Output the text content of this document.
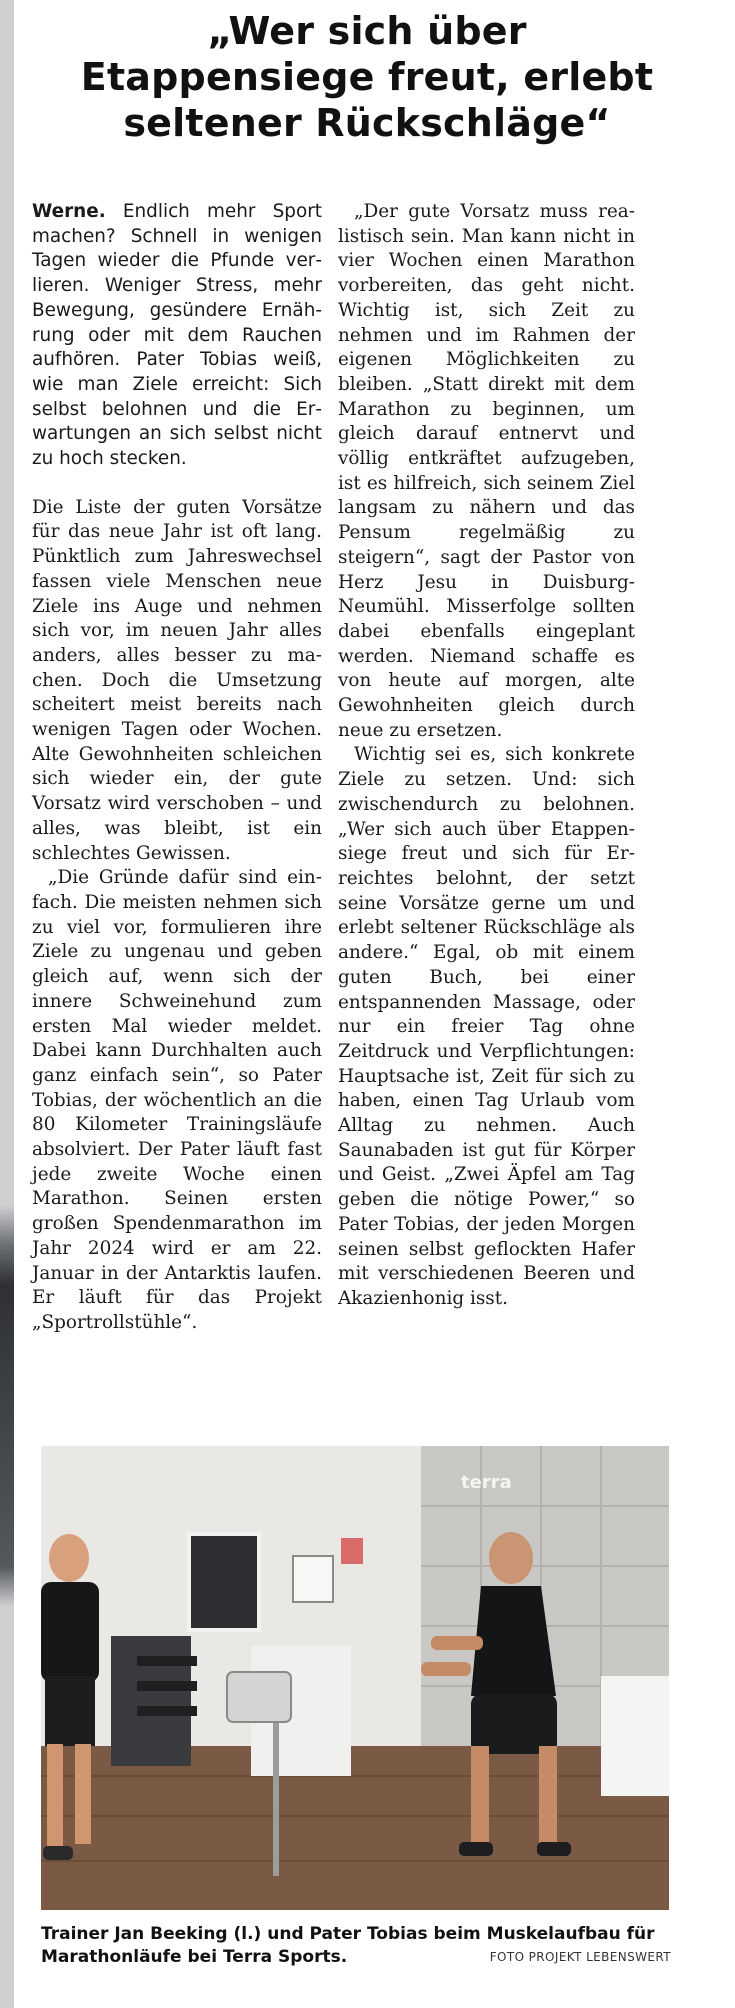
„Wer sich über
Etappensiege freut, erlebt
seltener Rückschläge“

Werne. Endlich mehr Sport machen? Schnell in wenigen Tagen wieder die Pfunde verlieren. Weniger Stress, mehr Bewegung, gesündere Ernährung oder mit dem Rauchen aufhören. Pater Tobias weiß, wie man Ziele erreicht: Sich selbst belohnen und die Erwartungen an sich selbst nicht zu hoch stecken.

Die Liste der guten Vorsätze für das neue Jahr ist oft lang. Pünktlich zum Jahreswechsel fassen viele Menschen neue Ziele ins Auge und nehmen sich vor, im neuen Jahr alles anders, alles besser zu machen. Doch die Umsetzung scheitert meist bereits nach wenigen Tagen oder Wochen. Alte Gewohnheiten schleichen sich wieder ein, der gute Vorsatz wird verschoben – und alles, was bleibt, ist ein schlechtes Gewissen.

„Die Gründe dafür sind einfach. Die meisten nehmen sich zu viel vor, formulieren ihre Ziele zu ungenau und geben gleich auf, wenn sich der innere Schweinehund zum ersten Mal wieder meldet. Dabei kann Durchhalten auch ganz einfach sein“, so Pater Tobias, der wöchentlich an die 80 Kilometer Trainingsläufe absolviert. Der Pater läuft fast jede zweite Woche einen Marathon. Seinen ersten großen Spendenmarathon im Jahr 2024 wird er am 22. Januar in der Antarktis laufen. Er läuft für das Projekt „Sportrollstühle“.

„Der gute Vorsatz muss realistisch sein. Man kann nicht in vier Wochen einen Marathon vorbereiten, das geht nicht. Wichtig ist, sich Zeit zu nehmen und im Rahmen der eigenen Möglichkeiten zu bleiben. „Statt direkt mit dem Marathon zu beginnen, um gleich darauf entnervt und völlig entkräftet aufzugeben, ist es hilfreich, sich seinem Ziel langsam zu nähern und das Pensum regelmäßig zu steigern“, sagt der Pastor von Herz Jesu in Duisburg-Neumühl. Misserfolge sollten dabei ebenfalls eingeplant werden. Niemand schaffe es von heute auf morgen, alte Gewohnheiten gleich durch neue zu ersetzen.

Wichtig sei es, sich konkrete Ziele zu setzen. Und: sich zwischendurch zu belohnen. „Wer sich auch über Etappensiege freut und sich für Erreichtes belohnt, der setzt seine Vorsätze gerne um und erlebt seltener Rückschläge als andere.“ Egal, ob mit einem guten Buch, bei einer entspannenden Massage, oder nur ein freier Tag ohne Zeitdruck und Verpflichtungen: Hauptsache ist, Zeit für sich zu haben, einen Tag Urlaub vom Alltag zu nehmen. Auch Saunabaden ist gut für Körper und Geist. „Zwei Äpfel am Tag geben die nötige Power,“ so Pater Tobias, der jeden Morgen seinen selbst geflockten Hafer mit verschiedenen Beeren und Akazienhonig isst.

terra
Trainer Jan Beeking (l.) und Pater Tobias beim Muskelaufbau für Marathonläufe bei Terra Sports.	FOTO PROJEKT LEBENSWERT
